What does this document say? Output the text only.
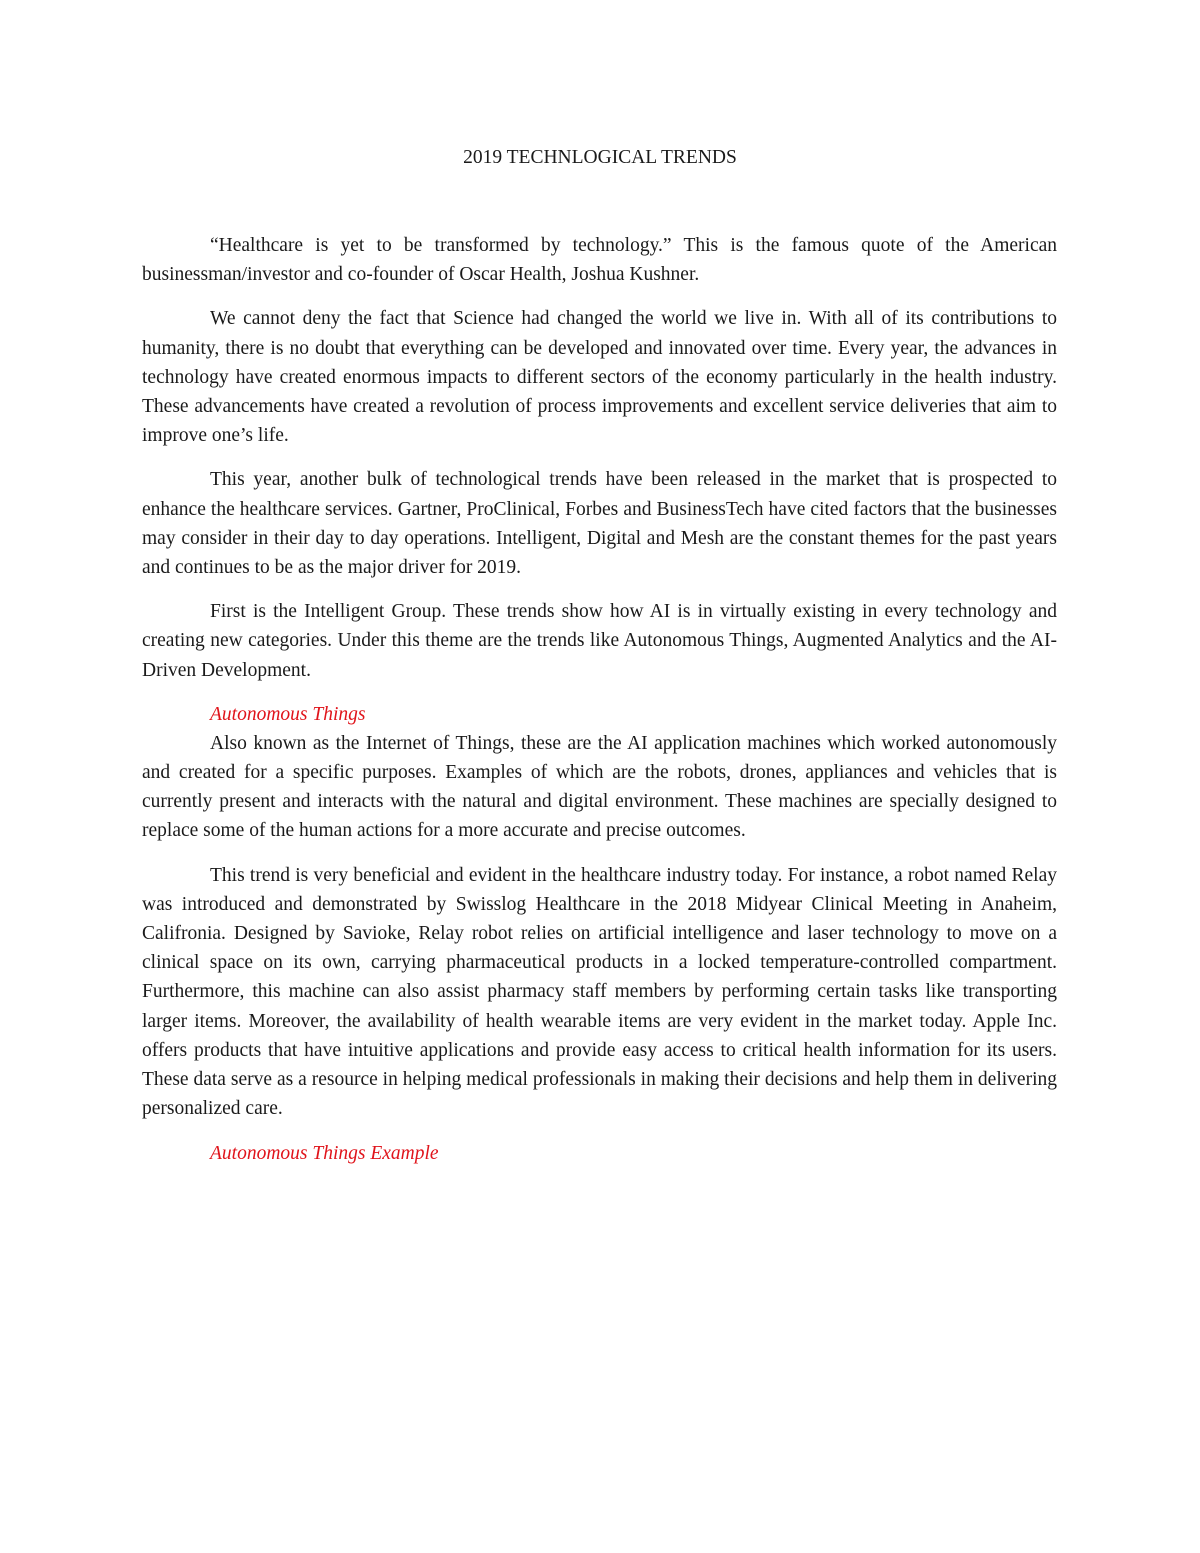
2019 TECHNLOGICAL TRENDS

“Healthcare is yet to be transformed by technology.” This is the famous quote of the American businessman/investor and co-founder of Oscar Health, Joshua Kushner.

We cannot deny the fact that Science had changed the world we live in. With all of its contributions to humanity, there is no doubt that everything can be developed and innovated over time. Every year, the advances in technology have created enormous impacts to different sectors of the economy particularly in the health industry. These advancements have created a revolution of process improvements and excellent service deliveries that aim to improve one’s life.

This year, another bulk of technological trends have been released in the market that is prospected to enhance the healthcare services. Gartner, ProClinical, Forbes and BusinessTech have cited factors that the businesses may consider in their day to day operations. Intelligent, Digital and Mesh are the constant themes for the past years and continues to be as the major driver for 2019.

First is the Intelligent Group. These trends show how AI is in virtually existing in every technology and creating new categories. Under this theme are the trends like Autonomous Things, Augmented Analytics and the AI-Driven Development.

Autonomous Things

Also known as the Internet of Things, these are the AI application machines which worked autonomously and created for a specific purposes. Examples of which are the robots, drones, appliances and vehicles that is currently present and interacts with the natural and digital environment. These machines are specially designed to replace some of the human actions for a more accurate and precise outcomes.

This trend is very beneficial and evident in the healthcare industry today. For instance, a robot named Relay was introduced and demonstrated by Swisslog Healthcare in the 2018 Midyear Clinical Meeting in Anaheim, Califronia. Designed by Savioke, Relay robot relies on artificial intelligence and laser technology to move on a clinical space on its own, carrying pharmaceutical products in a locked temperature-controlled compartment. Furthermore, this machine can also assist pharmacy staff members by performing certain tasks like transporting larger items. Moreover, the availability of health wearable items are very evident in the market today. Apple Inc. offers products that have intuitive applications and provide easy access to critical health information for its users. These data serve as a resource in helping medical professionals in making their decisions and help them in delivering personalized care.

Autonomous Things Example
